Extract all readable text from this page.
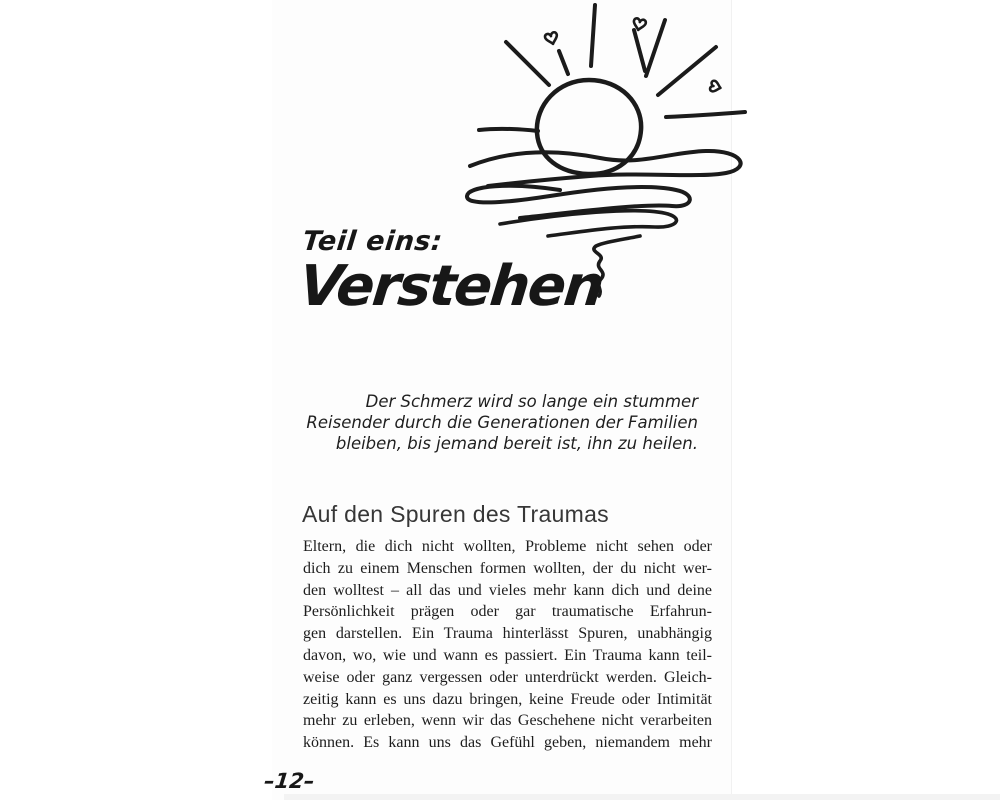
Teil eins:
Verstehen
Der Schmerz wird so lange ein stummer
Reisender durch die Generationen der Familien
bleiben, bis jemand bereit ist, ihn zu heilen.
Auf den Spuren des Traumas
Eltern, die dich nicht wollten, Probleme nicht sehen oder
dich zu einem Menschen formen wollten, der du nicht wer-
den wolltest – all das und vieles mehr kann dich und deine
Persönlichkeit prägen oder gar traumatische Erfahrun-
gen darstellen. Ein Trauma hinterlässt Spuren, unabhängig
davon, wo, wie und wann es passiert. Ein Trauma kann teil-
weise oder ganz vergessen oder unterdrückt werden. Gleich-
zeitig kann es uns dazu bringen, keine Freude oder Intimität
mehr zu erleben, wenn wir das Geschehene nicht verarbeiten
können. Es kann uns das Gefühl geben, niemandem mehr
–12–
